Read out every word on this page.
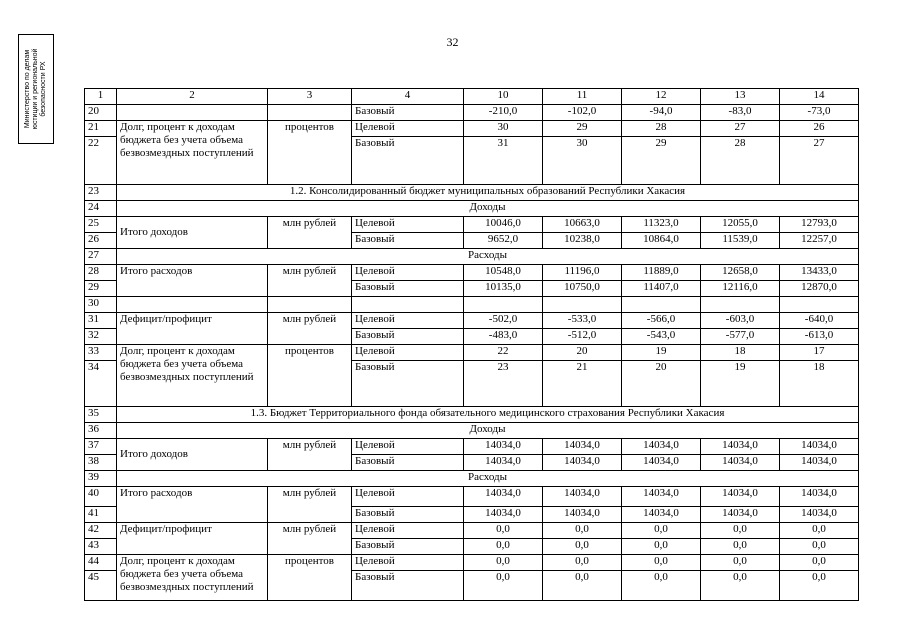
Министерство по делам юстиции и региональной безопасности РХ
32
1	2	3	4	10	11	12	13	14
20			Базовый	-210,0	-102,0	-94,0	-83,0	-73,0
21	Долг, процент к доходам бюджета без учета объема безвозмездных поступлений	процентов	Целевой	30	29	28	27	26
22			Базовый	31	30	29	28	27
23	1.2. Консолидированный бюджет муниципальных образований Республики Хакасия							
24	Доходы							
25	Итого доходов	млн рублей	Целевой	10046,0	10663,0	11323,0	12055,0	12793,0
26			Базовый	9652,0	10238,0	10864,0	11539,0	12257,0
27	Расходы							
28	Итого расходов	млн рублей	Целевой	10548,0	11196,0	11889,0	12658,0	13433,0
29			Базовый	10135,0	10750,0	11407,0	12116,0	12870,0
30								
31	Дефицит/профицит	млн рублей	Целевой	-502,0	-533,0	-566,0	-603,0	-640,0
32			Базовый	-483,0	-512,0	-543,0	-577,0	-613,0
33	Долг, процент к доходам бюджета без учета объема безвозмездных поступлений	процентов	Целевой	22	20	19	18	17
34			Базовый	23	21	20	19	18
35	1.3. Бюджет Территориального фонда обязательного медицинского страхования Республики Хакасия							
36	Доходы							
37	Итого доходов	млн рублей	Целевой	14034,0	14034,0	14034,0	14034,0	14034,0
38			Базовый	14034,0	14034,0	14034,0	14034,0	14034,0
39	Расходы							
40	Итого расходов	млн рублей	Целевой	14034,0	14034,0	14034,0	14034,0	14034,0
41			Базовый	14034,0	14034,0	14034,0	14034,0	14034,0
42	Дефицит/профицит	млн рублей	Целевой	0,0	0,0	0,0	0,0	0,0
43			Базовый	0,0	0,0	0,0	0,0	0,0
44	Долг, процент к доходам бюджета без учета объема безвозмездных поступлений	процентов	Целевой	0,0	0,0	0,0	0,0	0,0
45			Базовый	0,0	0,0	0,0	0,0	0,0
